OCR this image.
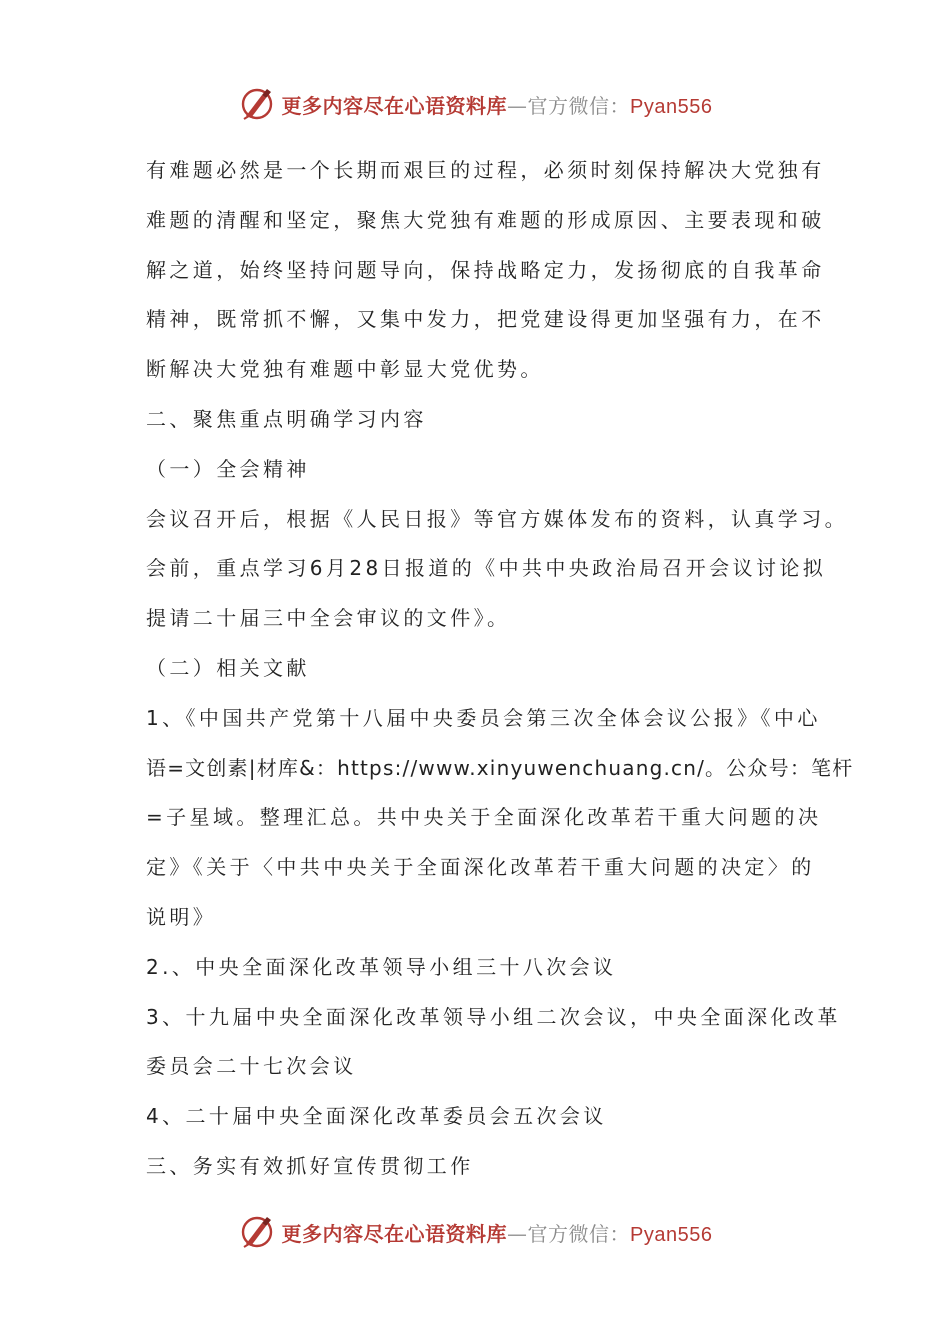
更多内容尽在心语资料库—官方微信：Pyan556
有难题必然是一个长期而艰巨的过程，必须时刻保持解决大党独有
难题的清醒和坚定，聚焦大党独有难题的形成原因、主要表现和破
解之道，始终坚持问题导向，保持战略定力，发扬彻底的自我革命
精神，既常抓不懈，又集中发力，把党建设得更加坚强有力，在不
断解决大党独有难题中彰显大党优势。
二、聚焦重点明确学习内容
（一）全会精神
会议召开后，根据《人民日报》等官方媒体发布的资料，认真学习。
会前，重点学习6月28日报道的《中共中央政治局召开会议讨论拟
提请二十届三中全会审议的文件》。
（二）相关文献
1、《中国共产党第十八届中央委员会第三次全体会议公报》《中心
语=文创素|材库&：https://www.xinyuwenchuang.cn/。公众号：笔杆
=子星域。整理汇总。共中央关于全面深化改革若干重大问题的决
定》《关于〈中共中央关于全面深化改革若干重大问题的决定〉的
说明》
2.、中央全面深化改革领导小组三十八次会议
3、十九届中央全面深化改革领导小组二次会议，中央全面深化改革
委员会二十七次会议
4、二十届中央全面深化改革委员会五次会议
三、务实有效抓好宣传贯彻工作
更多内容尽在心语资料库—官方微信：Pyan556
